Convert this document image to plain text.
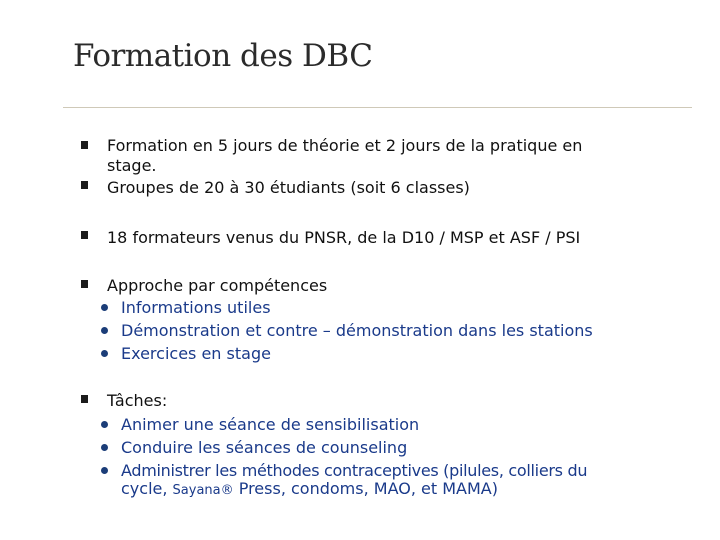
Formation des DBC
Formation en 5 jours de théorie et 2 jours de la pratique en
stage.
Groupes de 20 à 30 étudiants (soit 6 classes)
18 formateurs venus du PNSR, de la D10 / MSP et ASF / PSI
Approche par compétences
Informations utiles
Démonstration et contre – démonstration dans les stations
Exercices en stage
Tâches:
Animer une séance de sensibilisation
Conduire les séances de counseling
Administrer les méthodes contraceptives (pilules, colliers du
cycle, Sayana® Press, condoms, MAO, et MAMA)
